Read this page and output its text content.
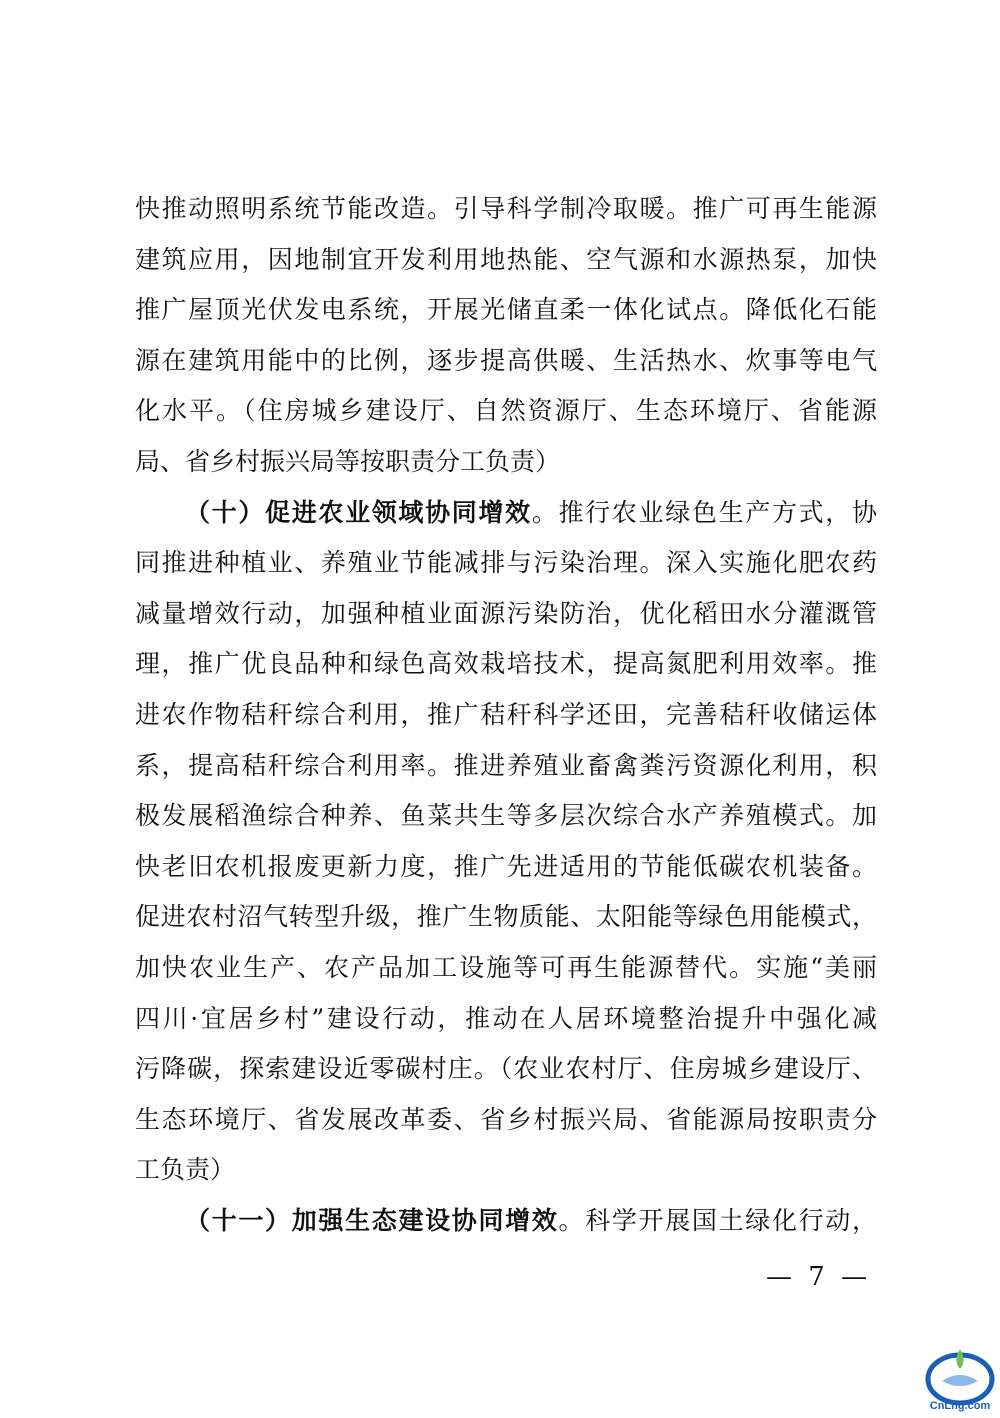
快推动照明系统节能改造。引导科学制冷取暖。推广可再生能源
建筑应用，因地制宜开发利用地热能、空气源和水源热泵，加快
推广屋顶光伏发电系统，开展光储直柔一体化试点。降低化石能
源在建筑用能中的比例，逐步提高供暖、生活热水、炊事等电气
化水平。（住房城乡建设厅、自然资源厅、生态环境厅、省能源
局、省乡村振兴局等按职责分工负责）
（十）促进农业领域协同增效。推行农业绿色生产方式，协
同推进种植业、养殖业节能减排与污染治理。深入实施化肥农药
减量增效行动，加强种植业面源污染防治，优化稻田水分灌溉管
理，推广优良品种和绿色高效栽培技术，提高氮肥利用效率。推
进农作物秸秆综合利用，推广秸秆科学还田，完善秸秆收储运体
系，提高秸秆综合利用率。推进养殖业畜禽粪污资源化利用，积
极发展稻渔综合种养、鱼菜共生等多层次综合水产养殖模式。加
快老旧农机报废更新力度，推广先进适用的节能低碳农机装备。
促进农村沼气转型升级，推广生物质能、太阳能等绿色用能模式，
加快农业生产、农产品加工设施等可再生能源替代。实施“美丽
四川·宜居乡村”建设行动，推动在人居环境整治提升中强化减
污降碳，探索建设近零碳村庄。（农业农村厅、住房城乡建设厅、
生态环境厅、省发展改革委、省乡村振兴局、省能源局按职责分
工负责）
（十一）加强生态建设协同增效。科学开展国土绿化行动，
— 7 —
CnLng.com
